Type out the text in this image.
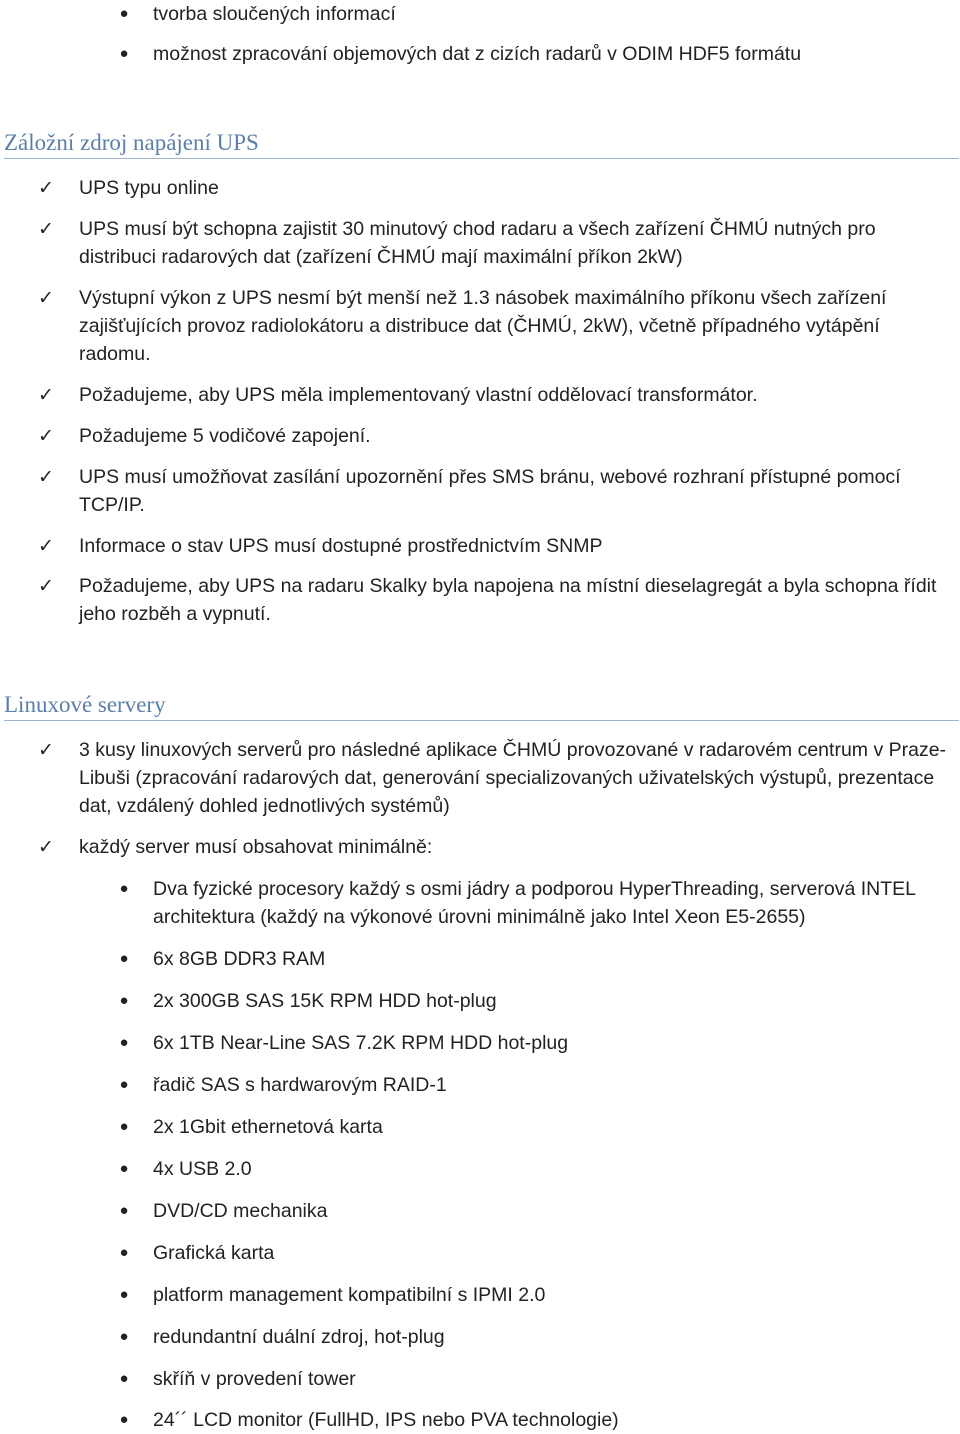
● tvorba sloučených informací
● možnost zpracování objemových dat z cizích radarů v ODIM HDF5 formátu
Záložní zdroj napájení UPS
✓	UPS typu online
✓	UPS musí být schopna zajistit 30 minutový chod radaru a všech zařízení ČHMÚ nutných pro distribuci radarových dat (zařízení ČHMÚ mají maximální příkon 2kW)
✓	Výstupní výkon z UPS nesmí být menší než 1.3 násobek maximálního příkonu všech zařízení zajišťujících provoz radiolokátoru a distribuce dat (ČHMÚ, 2kW), včetně případného vytápění radomu.
✓	Požadujeme, aby UPS měla implementovaný vlastní oddělovací transformátor.
✓	Požadujeme 5 vodičové zapojení.
✓	UPS musí umožňovat zasílání upozornění přes SMS bránu, webové rozhraní přístupné pomocí TCP/IP.
✓	Informace o stav UPS musí dostupné prostřednictvím SNMP
✓	Požadujeme, aby UPS na radaru Skalky byla napojena na místní dieselagregát a byla schopna řídit jeho rozběh a vypnutí.
Linuxové servery
✓	3 kusy linuxových serverů pro následné aplikace ČHMÚ provozované v radarovém centrum v Praze-Libuši (zpracování radarových dat, generování specializovaných uživatelských výstupů, prezentace dat, vzdálený dohled jednotlivých systémů)
✓	každý server musí obsahovat minimálně:
● Dva fyzické procesory každý s osmi jádry a podporou HyperThreading, serverová INTEL architektura (každý na výkonové úrovni minimálně jako Intel Xeon E5-2655)
● 6x 8GB DDR3 RAM
● 2x 300GB SAS 15K RPM HDD hot-plug
● 6x 1TB Near-Line SAS 7.2K RPM HDD hot-plug
● řadič SAS s hardwarovým RAID-1
● 2x 1Gbit ethernetová karta
● 4x USB 2.0
● DVD/CD mechanika
● Grafická karta
● platform management kompatibilní s IPMI 2.0
● redundantní duální zdroj, hot-plug
● skříň v provedení tower
● 24´´ LCD monitor (FullHD, IPS nebo PVA technologie)
